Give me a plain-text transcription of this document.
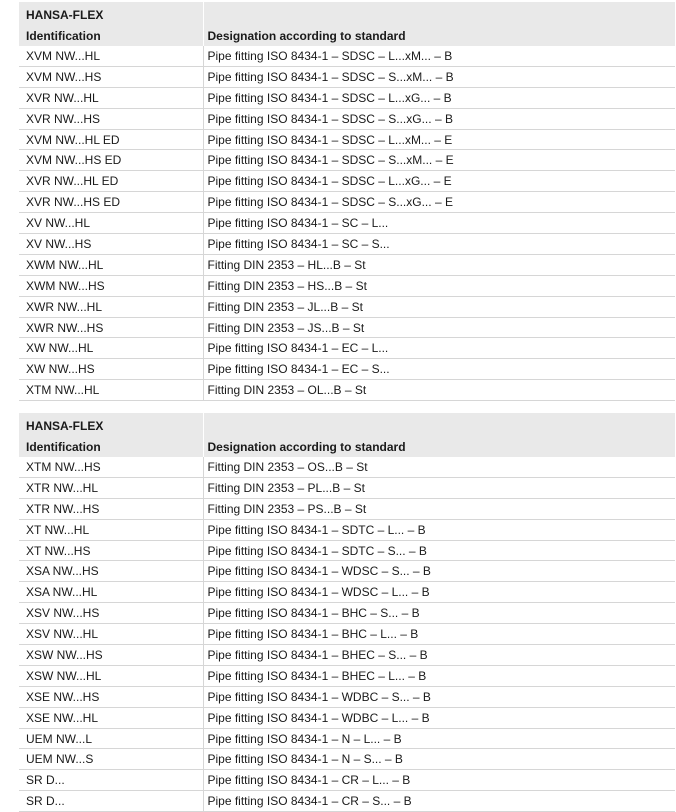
HANSA-FLEX	
Identification	Designation according to standard
XVM NW...HL	Pipe fitting ISO 8434-1 – SDSC – L...xM... – B
XVM NW...HS	Pipe fitting ISO 8434-1 – SDSC – S...xM... – B
XVR NW...HL	Pipe fitting ISO 8434-1 – SDSC – L...xG... – B
XVR NW...HS	Pipe fitting ISO 8434-1 – SDSC – S...xG... – B
XVM NW...HL ED	Pipe fitting ISO 8434-1 – SDSC – L...xM... – E
XVM NW...HS ED	Pipe fitting ISO 8434-1 – SDSC – S...xM... – E
XVR NW...HL ED	Pipe fitting ISO 8434-1 – SDSC – L...xG... – E
XVR NW...HS ED	Pipe fitting ISO 8434-1 – SDSC – S...xG... – E
XV NW...HL	Pipe fitting ISO 8434-1 – SC – L...
XV NW...HS	Pipe fitting ISO 8434-1 – SC – S...
XWM NW...HL	Fitting DIN 2353 – HL...B – St
XWM NW...HS	Fitting DIN 2353 – HS...B – St
XWR NW...HL	Fitting DIN 2353 – JL...B – St
XWR NW...HS	Fitting DIN 2353 – JS...B – St
XW NW...HL	Pipe fitting ISO 8434-1 – EC – L...
XW NW...HS	Pipe fitting ISO 8434-1 – EC – S...
XTM NW...HL	Fitting DIN 2353 – OL...B – St
HANSA-FLEX	
Identification	Designation according to standard
XTM NW...HS	Fitting DIN 2353 – OS...B – St
XTR NW...HL	Fitting DIN 2353 – PL...B – St
XTR NW...HS	Fitting DIN 2353 – PS...B – St
XT NW...HL	Pipe fitting ISO 8434-1 – SDTC – L... – B
XT NW...HS	Pipe fitting ISO 8434-1 – SDTC – S... – B
XSA NW...HS	Pipe fitting ISO 8434-1 – WDSC – S... – B
XSA NW...HL	Pipe fitting ISO 8434-1 – WDSC – L... – B
XSV NW...HS	Pipe fitting ISO 8434-1 – BHC – S... – B
XSV NW...HL	Pipe fitting ISO 8434-1 – BHC – L... – B
XSW NW...HS	Pipe fitting ISO 8434-1 – BHEC – S... – B
XSW NW...HL	Pipe fitting ISO 8434-1 – BHEC – L... – B
XSE NW...HS	Pipe fitting ISO 8434-1 – WDBC – S... – B
XSE NW...HL	Pipe fitting ISO 8434-1 – WDBC – L... – B
UEM NW...L	Pipe fitting ISO 8434-1 – N – L... – B
UEM NW...S	Pipe fitting ISO 8434-1 – N – S... – B
SR D...	Pipe fitting ISO 8434-1 – CR – L... – B
SR D...	Pipe fitting ISO 8434-1 – CR – S... – B
